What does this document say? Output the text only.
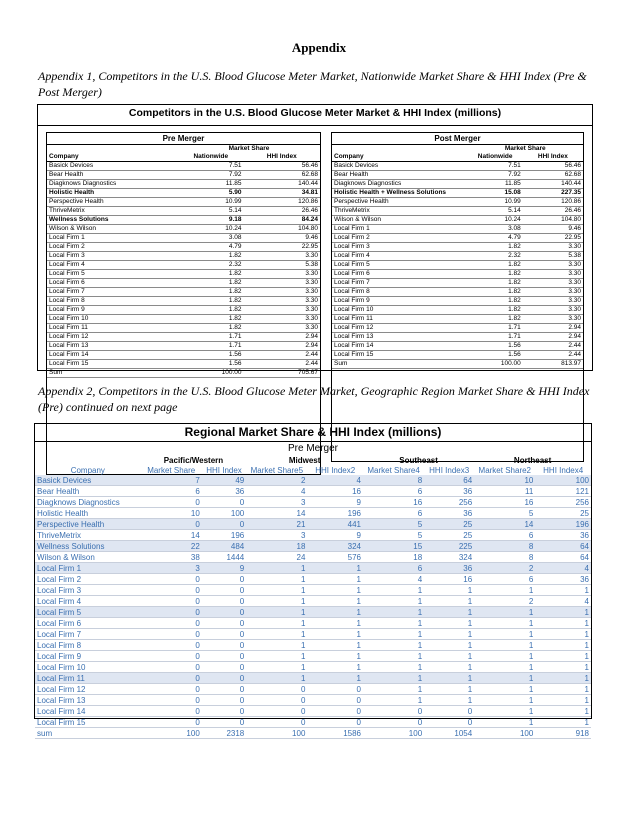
Appendix
Appendix 1, Competitors in the U.S. Blood Glucose Meter Market, Nationwide Market Share & HHI Index (Pre & Post Merger)
Competitors in the U.S. Blood Glucose Meter Market & HHI Index (millions)
Pre Merger
	Market Share	
Company	Nationwide	HHI Index
Basick Devices	7.51	56.46
Bear Health	7.92	62.68
Diagknows Diagnostics	11.85	140.44
Holistic Health	5.90	34.81
Perspective Health	10.99	120.86
ThriveMetrix	5.14	26.46
Wellness Solutions	9.18	84.24
Wilson & Wilson	10.24	104.80
Local Firm 1	3.08	9.46
Local Firm 2	4.79	22.95
Local Firm 3	1.82	3.30
Local Firm 4	2.32	5.38
Local Firm 5	1.82	3.30
Local Firm 6	1.82	3.30
Local Firm 7	1.82	3.30
Local Firm 8	1.82	3.30
Local Firm 9	1.82	3.30
Local Firm 10	1.82	3.30
Local Firm 11	1.82	3.30
Local Firm 12	1.71	2.94
Local Firm 13	1.71	2.94
Local Firm 14	1.56	2.44
Local Firm 15	1.56	2.44
Sum	100.00	705.67
Post Merger
	Market Share	
Company	Nationwide	HHI Index
Basick Devices	7.51	56.46
Bear Health	7.92	62.68
Diagknows Diagnostics	11.85	140.44
Holistic Health + Wellness Solutions	15.08	227.35
Perspective Health	10.99	120.86
ThriveMetrix	5.14	26.46
Wilson & Wilson	10.24	104.80
Local Firm 1	3.08	9.46
Local Firm 2	4.79	22.95
Local Firm 3	1.82	3.30
Local Firm 4	2.32	5.38
Local Firm 5	1.82	3.30
Local Firm 6	1.82	3.30
Local Firm 7	1.82	3.30
Local Firm 8	1.82	3.30
Local Firm 9	1.82	3.30
Local Firm 10	1.82	3.30
Local Firm 11	1.82	3.30
Local Firm 12	1.71	2.94
Local Firm 13	1.71	2.94
Local Firm 14	1.56	2.44
Local Firm 15	1.56	2.44
Sum	100.00	813.97
Appendix 2, Competitors in the U.S. Blood Glucose Meter Market, Geographic Region Market Share & HHI Index (Pre) continued on next page
Regional Market Share & HHI Index (millions)
Pre Merger
	Pacific/Western		Midwest		Southeast		Northeast	
Company	Market Share	HHI Index	Market Share5	HHI Index2	Market Share4	HHI Index3	Market Share2	HHI Index4
Basick Devices	7	49	2	4	8	64	10	100
Bear Health	6	36	4	16	6	36	11	121
Diagknows Diagnostics	0	0	3	9	16	256	16	256
Holistic Health	10	100	14	196	6	36	5	25
Perspective Health	0	0	21	441	5	25	14	196
ThriveMetrix	14	196	3	9	5	25	6	36
Wellness Solutions	22	484	18	324	15	225	8	64
Wilson & Wilson	38	1444	24	576	18	324	8	64
Local Firm 1	3	9	1	1	6	36	2	4
Local Firm 2	0	0	1	1	4	16	6	36
Local Firm 3	0	0	1	1	1	1	1	1
Local Firm 4	0	0	1	1	1	1	2	4
Local Firm 5	0	0	1	1	1	1	1	1
Local Firm 6	0	0	1	1	1	1	1	1
Local Firm 7	0	0	1	1	1	1	1	1
Local Firm 8	0	0	1	1	1	1	1	1
Local Firm 9	0	0	1	1	1	1	1	1
Local Firm 10	0	0	1	1	1	1	1	1
Local Firm 11	0	0	1	1	1	1	1	1
Local Firm 12	0	0	0	0	1	1	1	1
Local Firm 13	0	0	0	0	1	1	1	1
Local Firm 14	0	0	0	0	0	0	1	1
Local Firm 15	0	0	0	0	0	0	1	1
sum	100	2318	100	1586	100	1054	100	918
